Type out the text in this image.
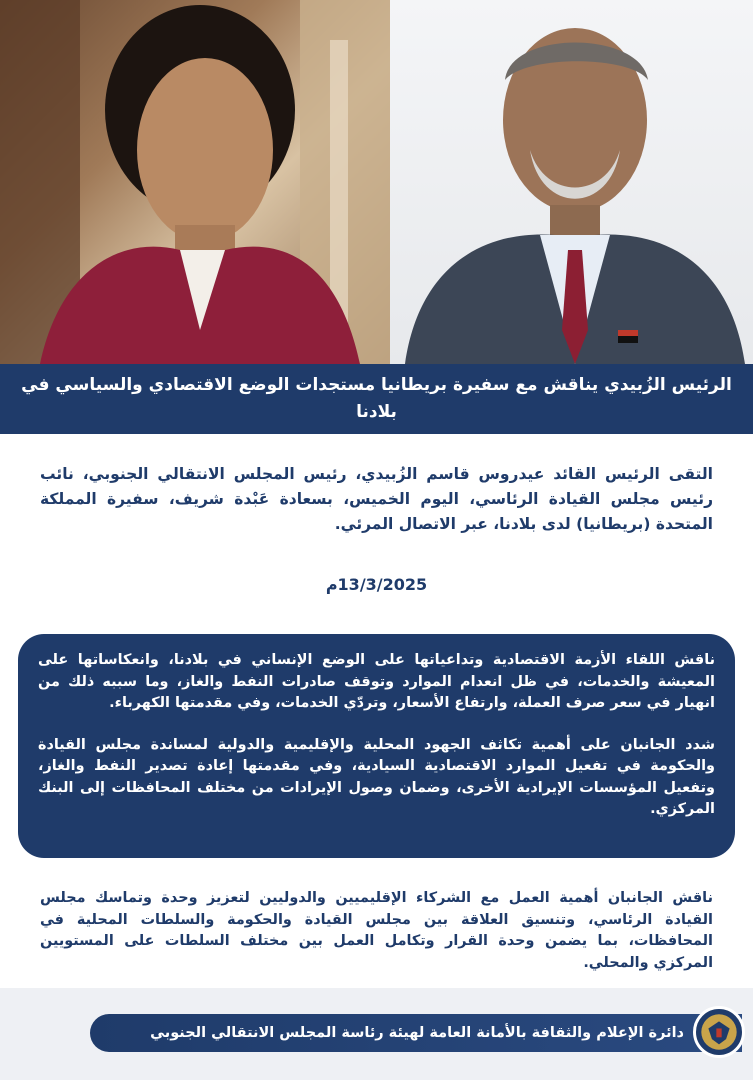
الرئيس الزُبيدي يناقش مع سفيرة بريطانيا مستجدات الوضع الاقتصادي والسياسي في بلادنا

التقى الرئيس القائد عيدروس قاسم الزُبيدي، رئيس المجلس الانتقالي الجنوبي، نائب رئيس مجلس القيادة الرئاسي، اليوم الخميس، بسعادة عَبْدة شريف، سفيرة المملكة المتحدة (بريطانيا) لدى بلادنا، عبر الاتصال المرئي.

13/3/2025م

ناقش اللقاء الأزمة الاقتصادية وتداعياتها على الوضع الإنساني في بلادنا، وانعكاساتها على المعيشة والخدمات، في ظل انعدام الموارد وتوقف صادرات النفط والغاز، وما سببه ذلك من انهيار في سعر صرف العملة، وارتفاع الأسعار، وتردّي الخدمات، وفي مقدمتها الكهرباء.

شدد الجانبان على أهمية تكاثف الجهود المحلية والإقليمية والدولية لمساندة مجلس القيادة والحكومة في تفعيل الموارد الاقتصادية السيادية، وفي مقدمتها إعادة تصدير النفط والغاز، وتفعيل المؤسسات الإيرادية الأخرى، وضمان وصول الإيرادات من مختلف المحافظات إلى البنك المركزي.

ناقش الجانبان أهمية العمل مع الشركاء الإقليميين والدوليين لتعزيز وحدة وتماسك مجلس القيادة الرئاسي، وتنسيق العلاقة بين مجلس القيادة والحكومة والسلطات المحلية في المحافظات، بما يضمن وحدة القرار وتكامل العمل بين مختلف السلطات على المستويين المركزي والمحلي.

دائرة الإعلام والثقافة بالأمانة العامة لهيئة رئاسة المجلس الانتقالي الجنوبي
